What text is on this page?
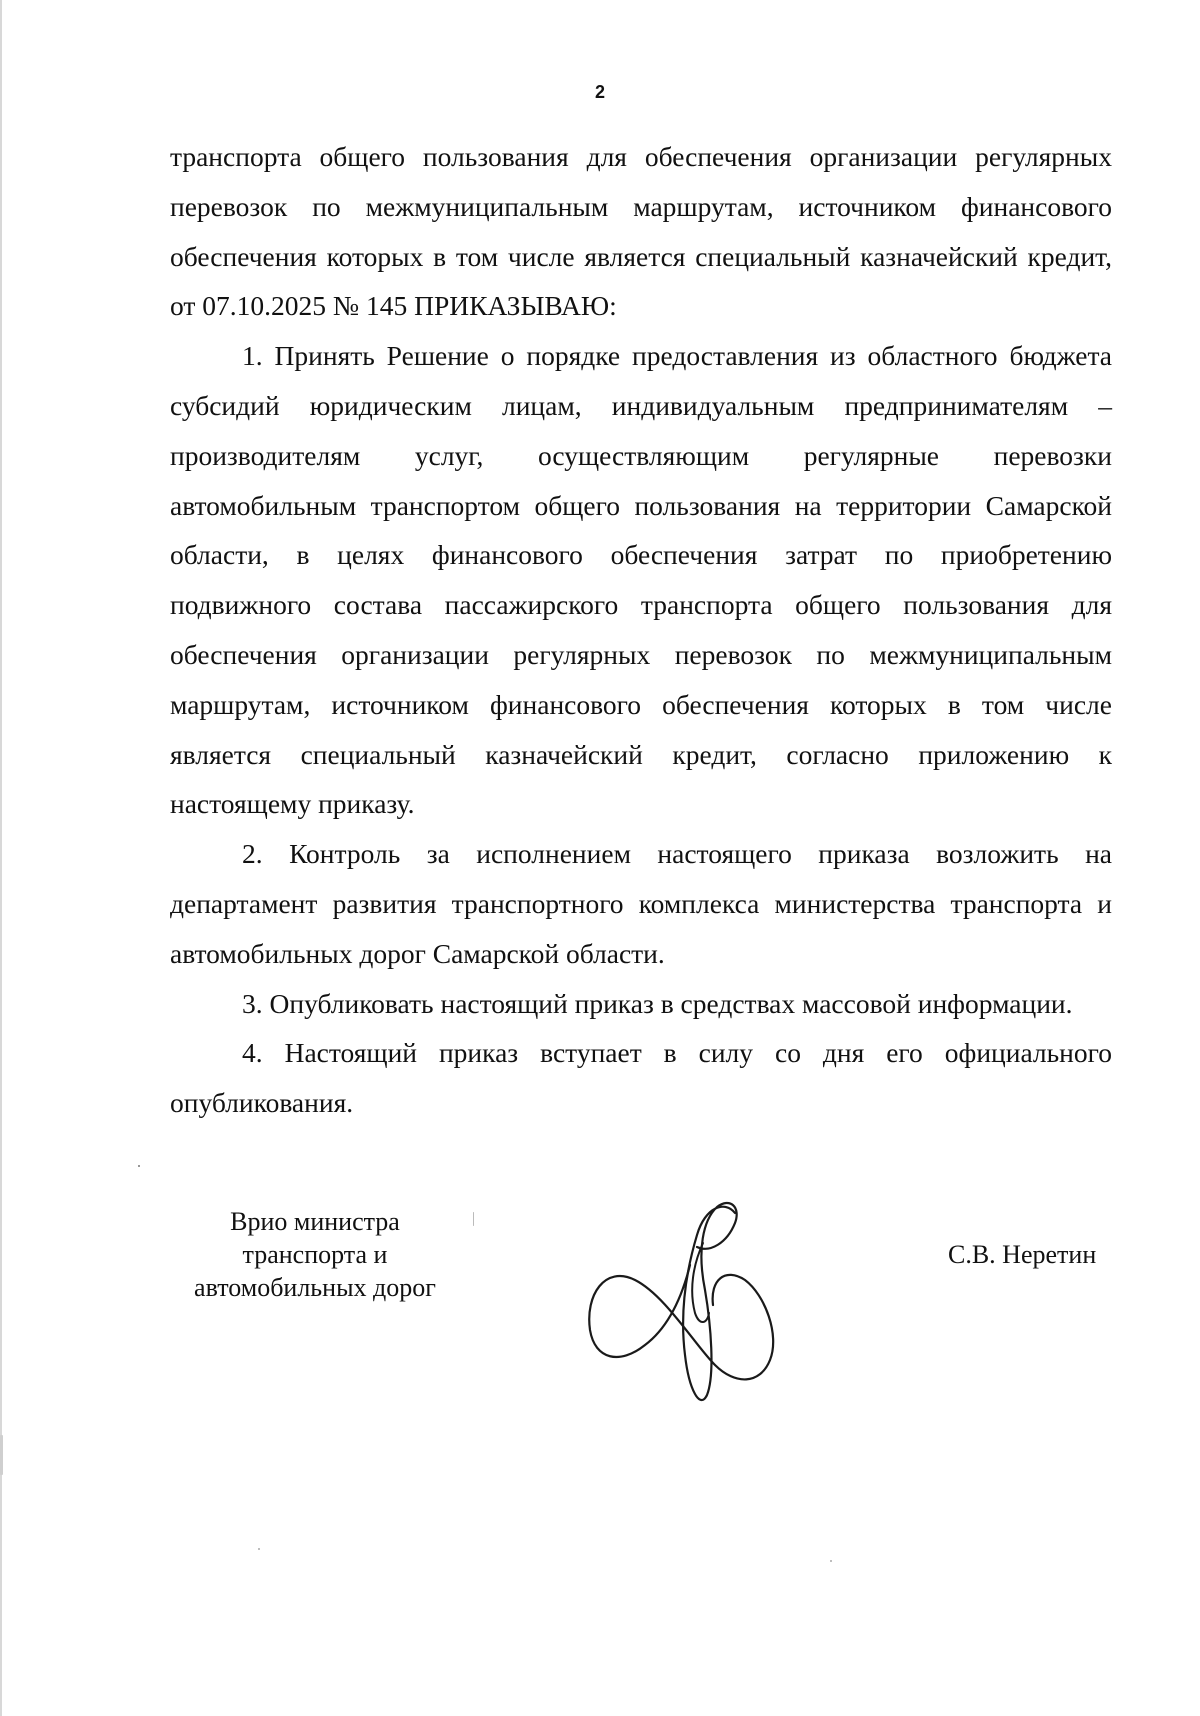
2

транспорта общего пользования для обеспечения организации регулярных перевозок по межмуниципальным маршрутам, источником финансового обеспечения которых в том числе является специальный казначейский кредит, от 07.10.2025 № 145 ПРИКАЗЫВАЮ:

1. Принять Решение о порядке предоставления из областного бюджета субсидий юридическим лицам, индивидуальным предпринимателям – производителям услуг, осуществляющим регулярные перевозки автомобильным транспортом общего пользования на территории Самарской области, в целях финансового обеспечения затрат по приобретению подвижного состава пассажирского транспорта общего пользования для обеспечения организации регулярных перевозок по межмуниципальным маршрутам, источником финансового обеспечения которых в том числе является специальный казначейский кредит, согласно приложению к настоящему приказу.

2. Контроль за исполнением настоящего приказа возложить на департамент развития транспортного комплекса министерства транспорта и автомобильных дорог Самарской области.

3. Опубликовать настоящий приказ в средствах массовой информации.

4. Настоящий приказ вступает в силу со дня его официального опубликования.

Врио министра
транспорта и
автомобильных дорог
С.В. Неретин
